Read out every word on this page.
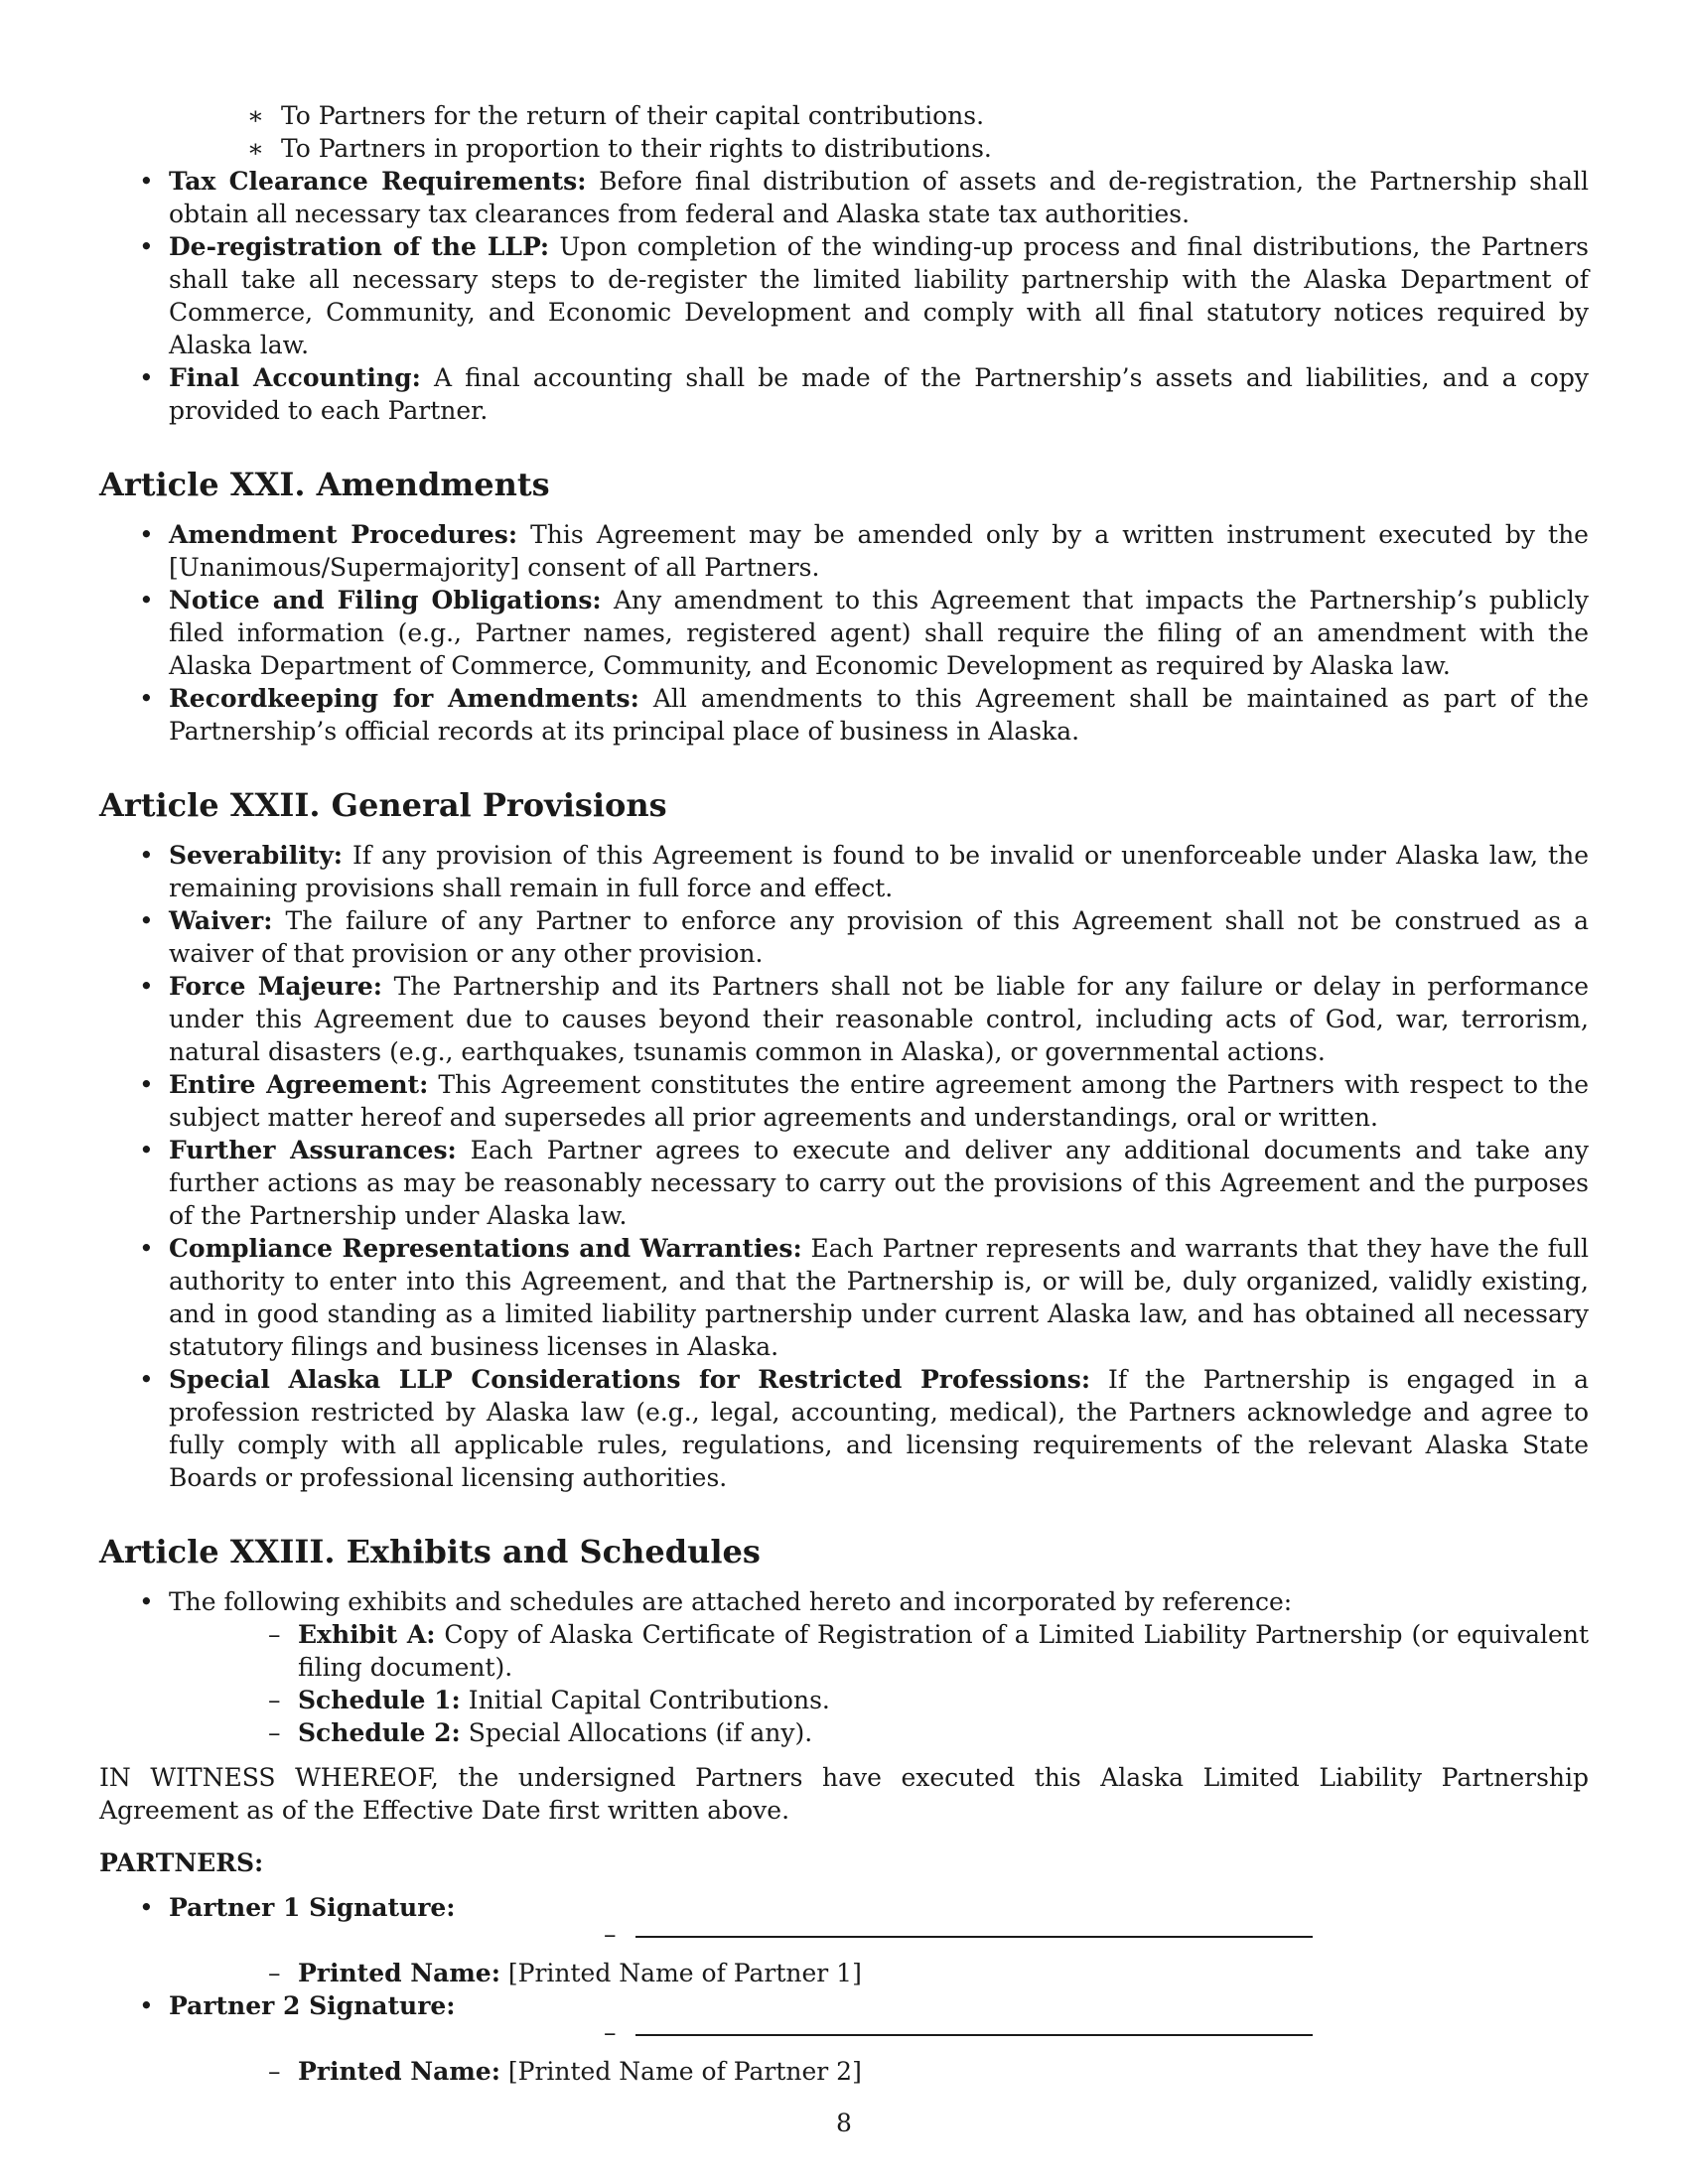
∗ To Partners for the return of their capital contributions.
∗ To Partners in proportion to their rights to distributions.
• Tax Clearance Requirements: Before final distribution of assets and de-registration, the Partnership shall obtain all necessary tax clearances from federal and Alaska state tax authorities.
• De-registration of the LLP: Upon completion of the winding-up process and final distributions, the Partners shall take all necessary steps to de-register the limited liability partnership with the Alaska Department of Commerce, Community, and Economic Development and comply with all final statutory notices required by Alaska law.
• Final Accounting: A final accounting shall be made of the Partnership’s assets and liabilities, and a copy provided to each Partner.
Article XXI. Amendments
• Amendment Procedures: This Agreement may be amended only by a written instrument executed by the [Unanimous/Supermajority] consent of all Partners.
• Notice and Filing Obligations: Any amendment to this Agreement that impacts the Partnership’s publicly filed information (e.g., Partner names, registered agent) shall require the filing of an amendment with the Alaska Department of Commerce, Community, and Economic Development as required by Alaska law.
• Recordkeeping for Amendments: All amendments to this Agreement shall be maintained as part of the Partnership’s official records at its principal place of business in Alaska.
Article XXII. General Provisions
• Severability: If any provision of this Agreement is found to be invalid or unenforceable under Alaska law, the remaining provisions shall remain in full force and effect.
• Waiver: The failure of any Partner to enforce any provision of this Agreement shall not be construed as a waiver of that provision or any other provision.
• Force Majeure: The Partnership and its Partners shall not be liable for any failure or delay in performance under this Agreement due to causes beyond their reasonable control, including acts of God, war, terrorism, natural disasters (e.g., earthquakes, tsunamis common in Alaska), or governmental actions.
• Entire Agreement: This Agreement constitutes the entire agreement among the Partners with respect to the subject matter hereof and supersedes all prior agreements and understandings, oral or written.
• Further Assurances: Each Partner agrees to execute and deliver any additional documents and take any further actions as may be reasonably necessary to carry out the provisions of this Agreement and the purposes of the Partnership under Alaska law.
• Compliance Representations and Warranties: Each Partner represents and warrants that they have the full authority to enter into this Agreement, and that the Partnership is, or will be, duly organized, validly existing, and in good standing as a limited liability partnership under current Alaska law, and has obtained all necessary statutory filings and business licenses in Alaska.
• Special Alaska LLP Considerations for Restricted Professions: If the Partnership is engaged in a profession restricted by Alaska law (e.g., legal, accounting, medical), the Partners acknowledge and agree to fully comply with all applicable rules, regulations, and licensing requirements of the relevant Alaska State Boards or professional licensing authorities.
Article XXIII. Exhibits and Schedules
• The following exhibits and schedules are attached hereto and incorporated by reference:
– Exhibit A: Copy of Alaska Certificate of Registration of a Limited Liability Partnership (or equivalent filing document).
– Schedule 1: Initial Capital Contributions.
– Schedule 2: Special Allocations (if any).

IN WITNESS WHEREOF, the undersigned Partners have executed this Alaska Limited Liability Partnership Agreement as of the Effective Date first written above.

PARTNERS:

• Partner 1 Signature:
–
– Printed Name: [Printed Name of Partner 1]
• Partner 2 Signature:
–
– Printed Name: [Printed Name of Partner 2]
8
